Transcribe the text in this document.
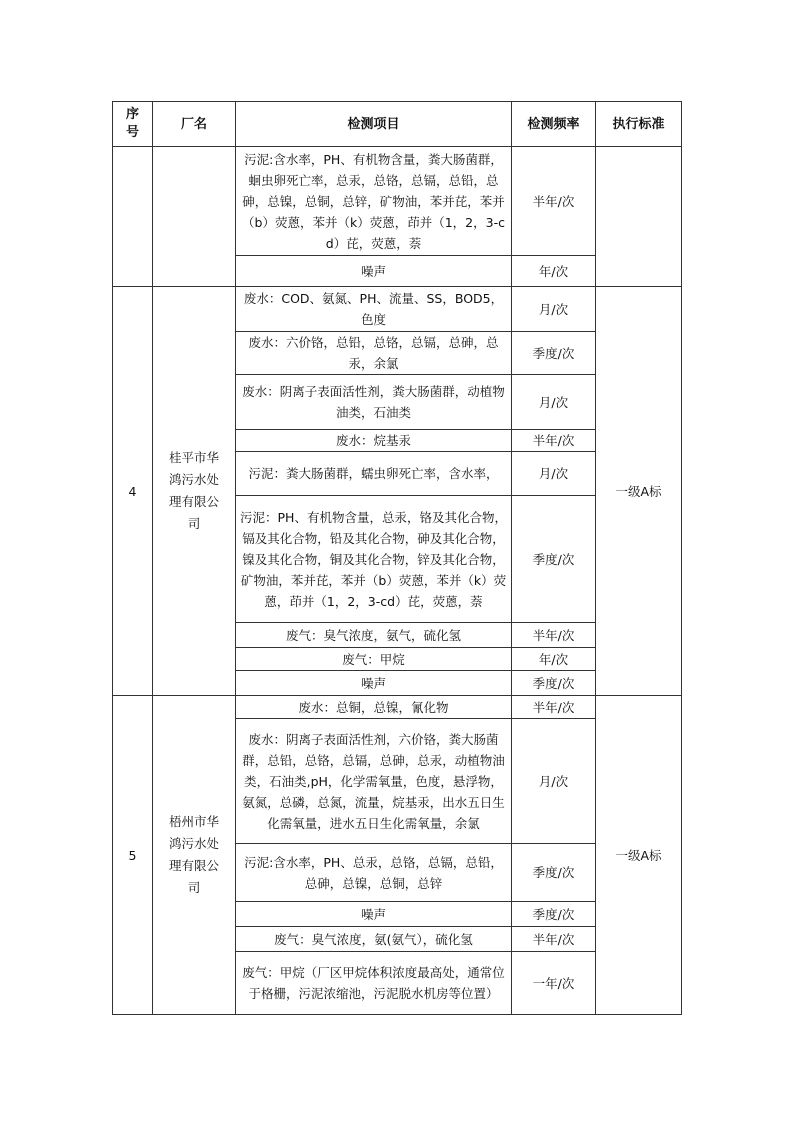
序号	厂名	检测项目	检测频率	执行标准
		污泥:含水率，PH、有机物含量，粪大肠菌群，蛔虫卵死亡率，总汞，总铬，总镉，总铅，总砷，总镍，总铜，总锌，矿物油，苯并芘，苯并（b）荧蒽，苯并（k）荧蒽，茚并（1，2，3-cd）芘，荧蒽，萘	半年/次	
		噪声	年/次	
4	桂平市华鸿污水处理有限公司	废水：COD、氨氮、PH、流量、SS，BOD5，色度	月/次	一级A标
		废水：六价铬，总铅，总铬，总镉，总砷，总汞，余氯	季度/次	
		废水：阴离子表面活性剂，粪大肠菌群，动植物油类，石油类	月/次	
		废水：烷基汞	半年/次	
		污泥：粪大肠菌群，蠕虫卵死亡率，含水率，	月/次	
		污泥：PH、有机物含量，总汞，铬及其化合物，镉及其化合物，铅及其化合物，砷及其化合物，镍及其化合物，铜及其化合物，锌及其化合物，矿物油，苯并芘，苯并（b）荧蒽，苯并（k）荧蒽，茚并（1，2，3-cd）芘，荧蒽，萘	季度/次	
		废气：臭气浓度，氨气，硫化氢	半年/次	
		废气：甲烷	年/次	
		噪声	季度/次	
5	梧州市华鸿污水处理有限公司	废水：总铜，总镍，氰化物	半年/次	一级A标
		废水：阴离子表面活性剂，六价铬，粪大肠菌群，总铅，总铬，总镉，总砷，总汞，动植物油类，石油类,pH，化学需氧量，色度，悬浮物，氨氮，总磷，总氮，流量，烷基汞，出水五日生化需氧量，进水五日生化需氧量，余氯	月/次	
		污泥:含水率，PH、总汞，总铬，总镉，总铅，总砷，总镍，总铜，总锌	季度/次	
		噪声	季度/次	
		废气：臭气浓度，氨(氨气），硫化氢	半年/次	
		废气：甲烷（厂区甲烷体积浓度最高处，通常位于格栅，污泥浓缩池，污泥脱水机房等位置）	一年/次	
